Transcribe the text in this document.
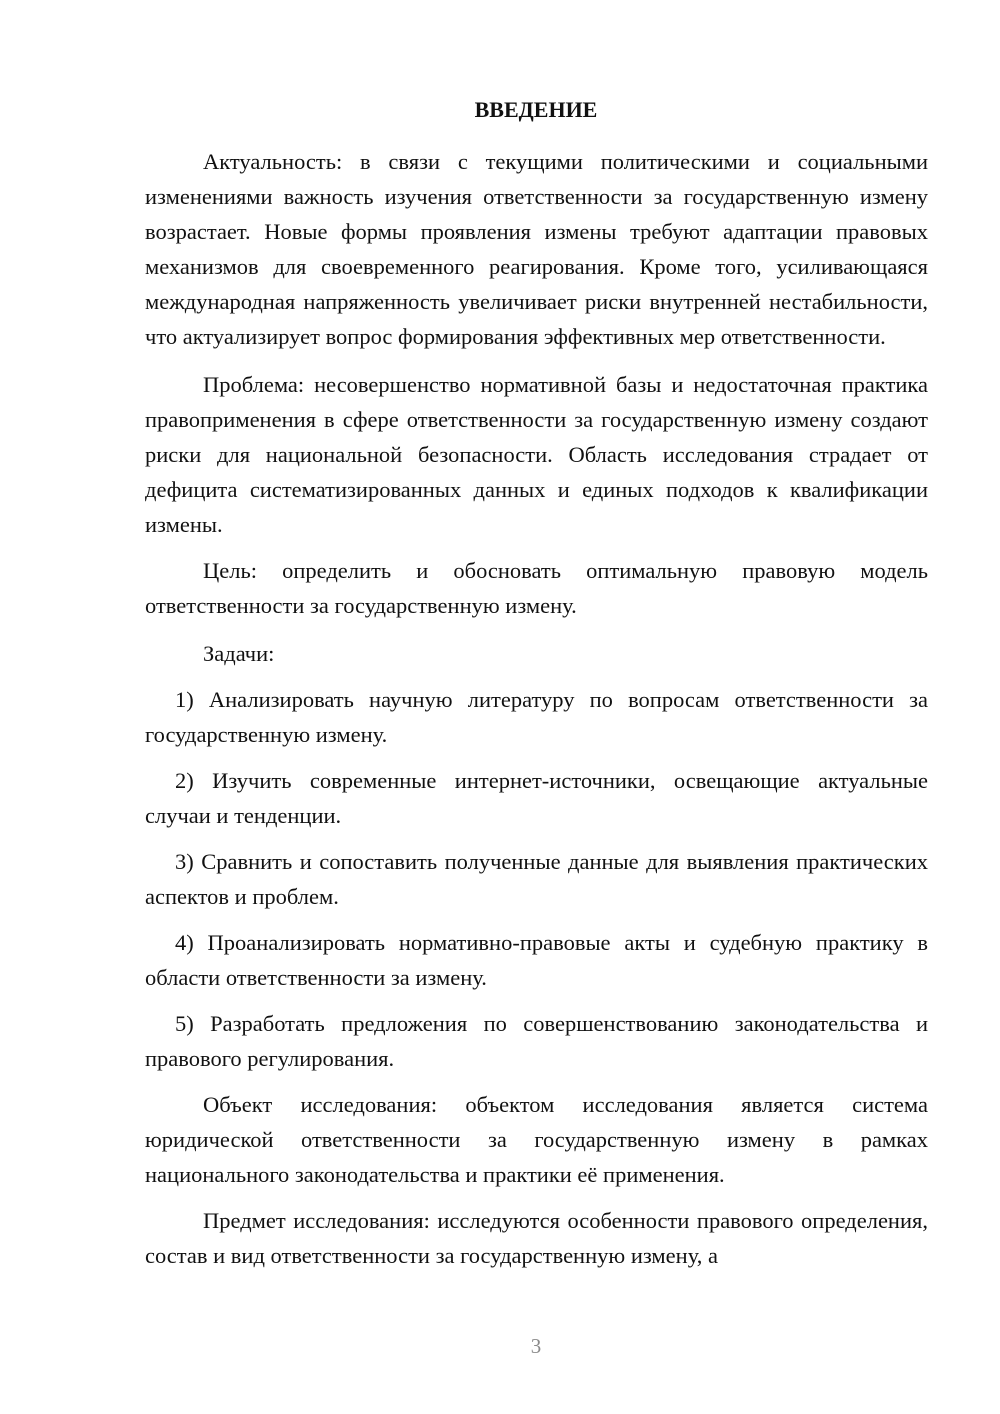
ВВЕДЕНИЕ

Актуальность: в связи с текущими политическими и социальными изменениями важность изучения ответственности за государственную измену возрастает. Новые формы проявления измены требуют адаптации правовых механизмов для своевременного реагирования. Кроме того, усиливающаяся международная напряженность увеличивает риски внутренней нестабильности, что актуализирует вопрос формирования эффективных мер ответственности.

Проблема: несовершенство нормативной базы и недостаточная практика правоприменения в сфере ответственности за государственную измену создают риски для национальной безопасности. Область исследования страдает от дефицита систематизированных данных и единых подходов к квалификации измены.

Цель: определить и обосновать оптимальную правовую модель ответственности за государственную измену.

Задачи:

1) Анализировать научную литературу по вопросам ответственности за государственную измену.

2) Изучить современные интернет-источники, освещающие актуальные случаи и тенденции.

3) Сравнить и сопоставить полученные данные для выявления практических аспектов и проблем.

4) Проанализировать нормативно-правовые акты и судебную практику в области ответственности за измену.

5) Разработать предложения по совершенствованию законодательства и правового регулирования.

Объект исследования: объектом исследования является система юридической ответственности за государственную измену в рамках национального законодательства и практики её применения.

Предмет исследования: исследуются особенности правового определения, состав и вид ответственности за государственную измену, а

3
